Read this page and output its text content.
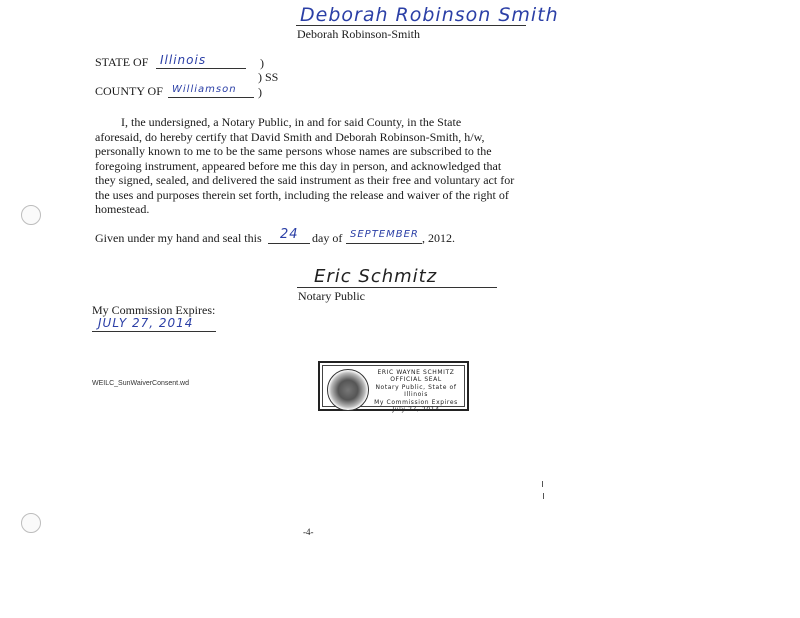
Deborah Robinson Smith
Deborah Robinson-Smith
STATE OF Illinois	)
) SS
COUNTY OF Williamson )
I, the undersigned, a Notary Public, in and for said County, in the State
aforesaid, do hereby certify that David Smith and Deborah Robinson-Smith, h/w,
personally known to me to be the same persons whose names are subscribed to the
foregoing instrument, appeared before me this day in person, and acknowledged that
they signed, sealed, and delivered the said instrument as their free and voluntary act for
the uses and purposes therein set forth, including the release and waiver of the right of
homestead.
Given under my hand and seal this 24 day of SEPTEMBER , 2012.
Eric Schmitz
Notary Public
My Commission Expires:
JULY 27, 2014
WEILC_SunWaiverConsent.wd
ERIC WAYNE SCHMITZ
OFFICIAL SEAL
Notary Public, State of Illinois
My Commission Expires
July 27, 2014
-4-
